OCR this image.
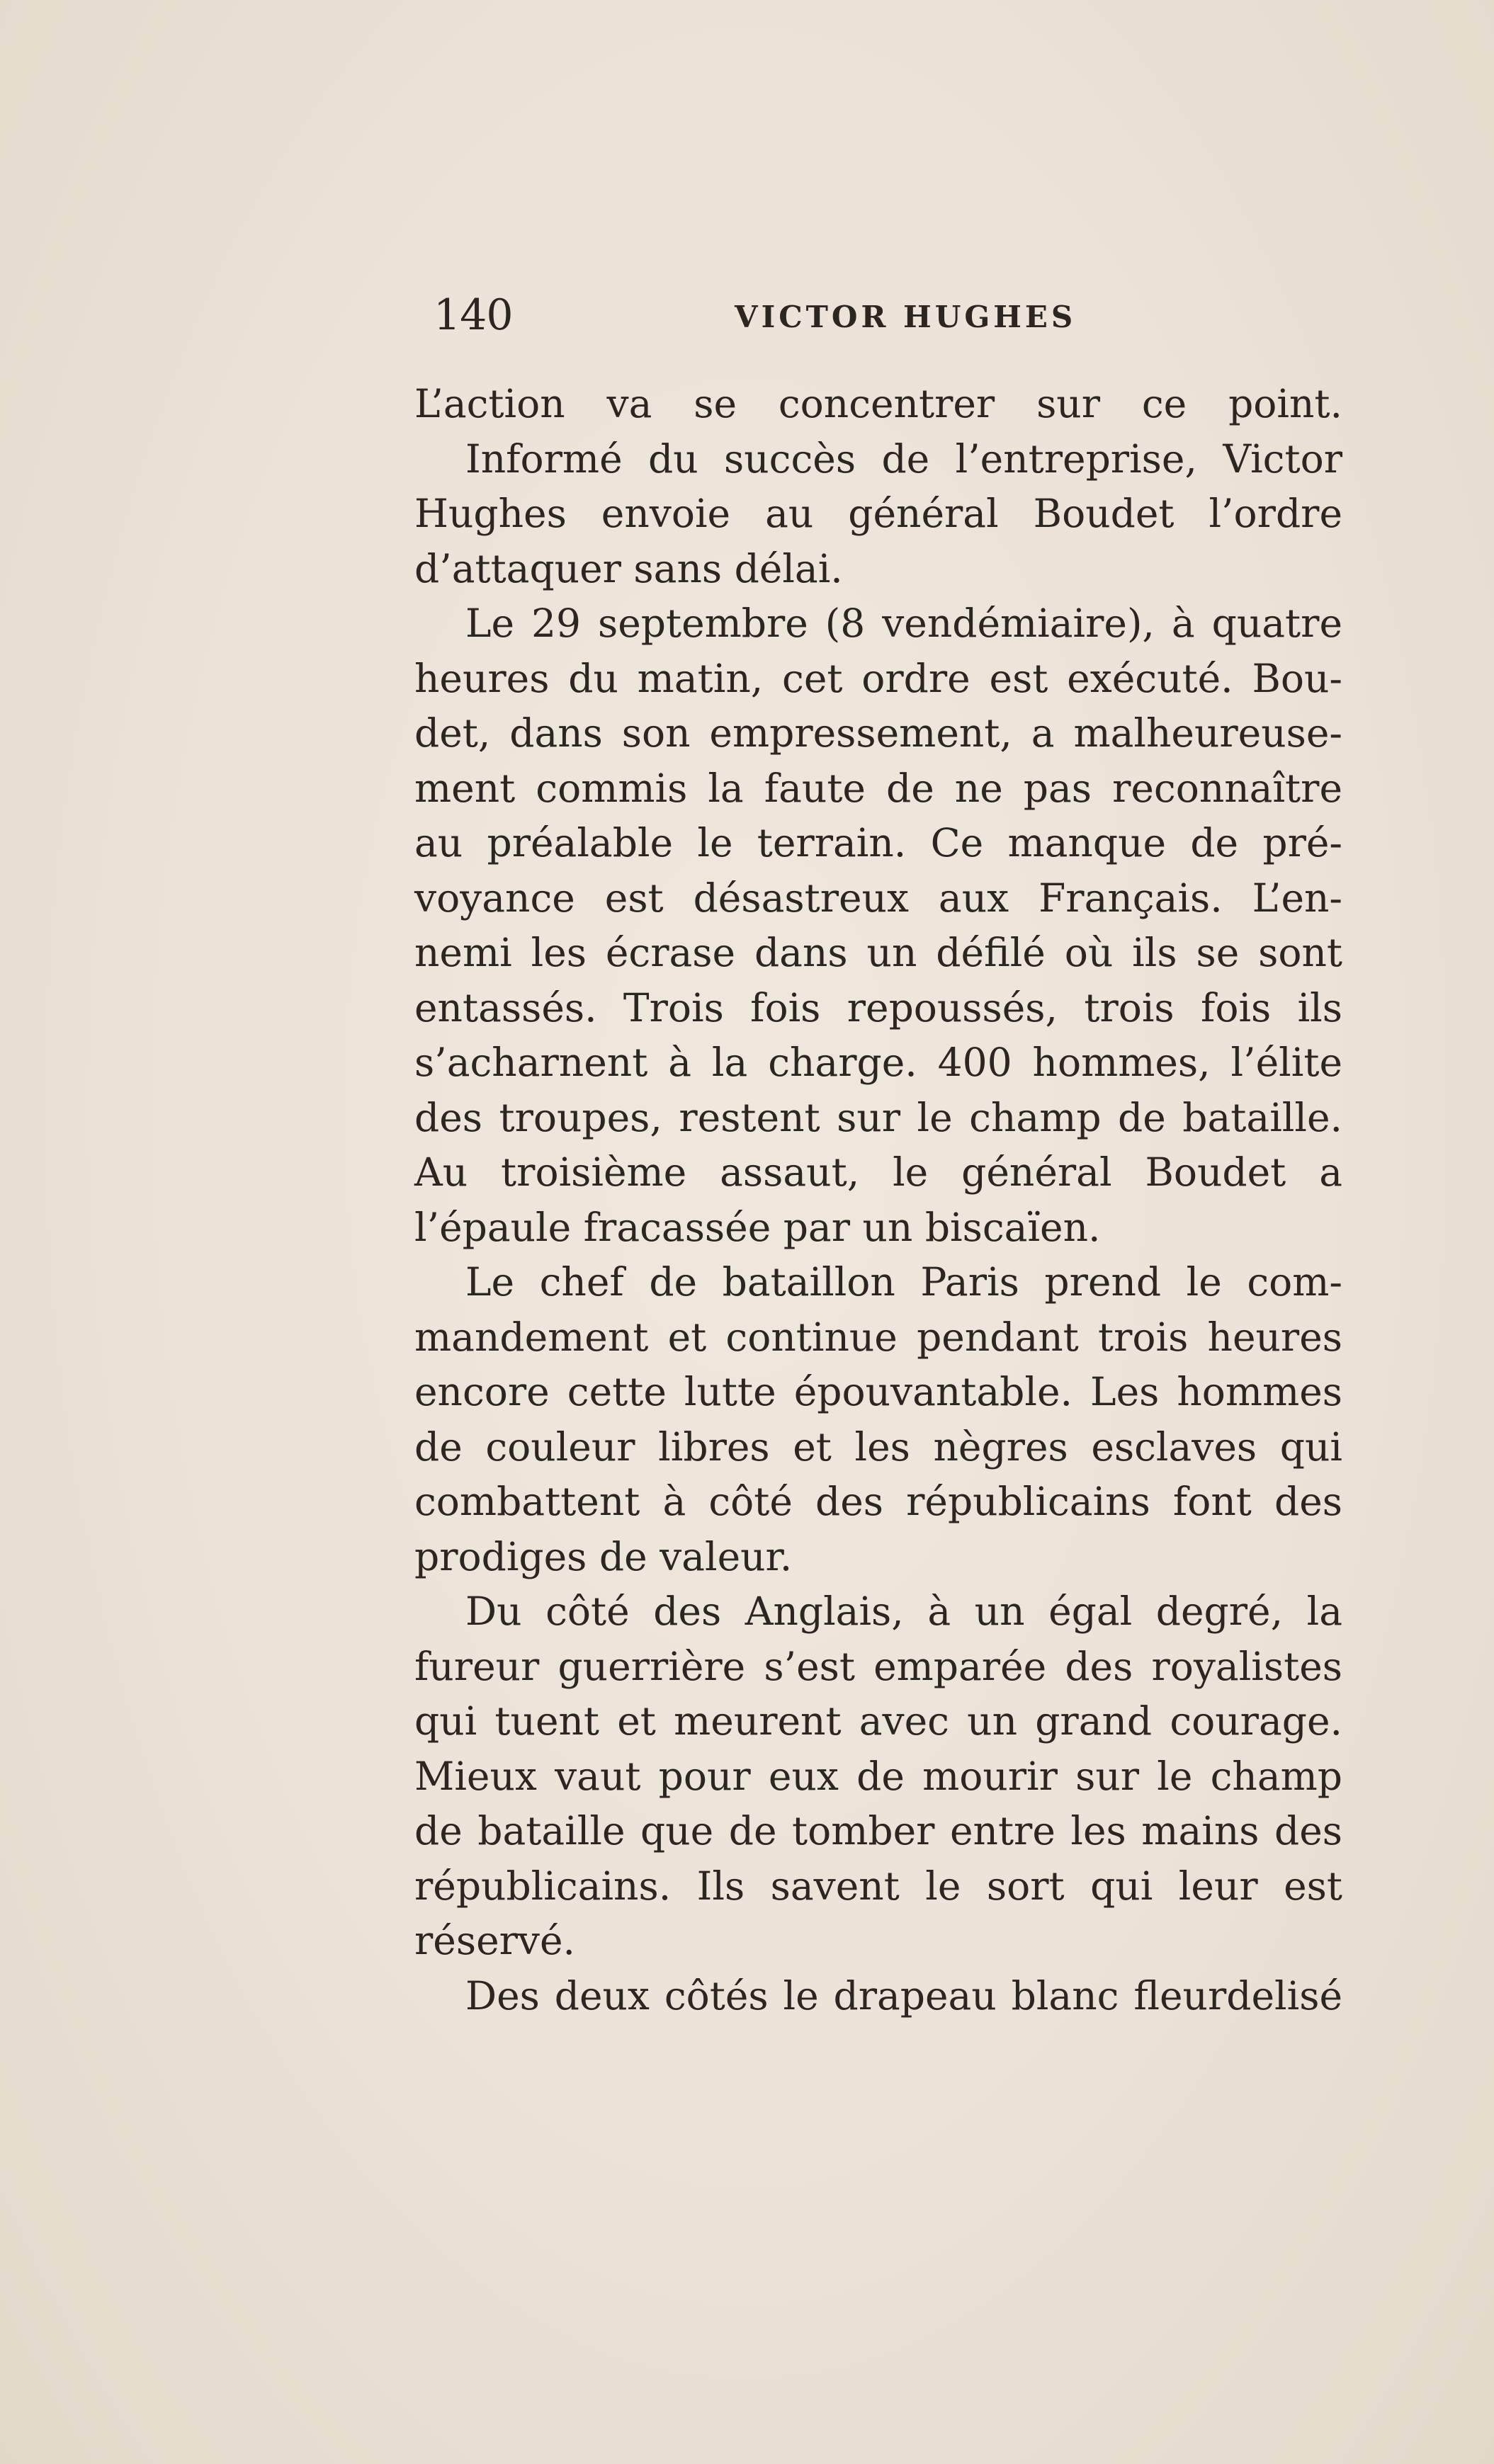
140	VICTOR HUGHES
L’action va se concentrer sur ce point.
Informé du succès de l’entreprise, Victor
Hughes envoie au général Boudet l’ordre
d’attaquer sans délai.
Le 29 septembre (8 vendémiaire), à quatre
heures du matin, cet ordre est exécuté. Bou-
det, dans son empressement, a malheureuse-
ment commis la faute de ne pas reconnaître
au préalable le terrain. Ce manque de pré-
voyance est désastreux aux Français. L’en-
nemi les écrase dans un défilé où ils se sont
entassés. Trois fois repoussés, trois fois ils
s’acharnent à la charge. 400 hommes, l’élite
des troupes, restent sur le champ de bataille.
Au troisième assaut, le général Boudet a
l’épaule fracassée par un biscaïen.
Le chef de bataillon Paris prend le com-
mandement et continue pendant trois heures
encore cette lutte épouvantable. Les hommes
de couleur libres et les nègres esclaves qui
combattent à côté des républicains font des
prodiges de valeur.
Du côté des Anglais, à un égal degré, la
fureur guerrière s’est emparée des royalistes
qui tuent et meurent avec un grand courage.
Mieux vaut pour eux de mourir sur le champ
de bataille que de tomber entre les mains des
républicains. Ils savent le sort qui leur est
réservé.
Des deux côtés le drapeau blanc fleurdelisé
